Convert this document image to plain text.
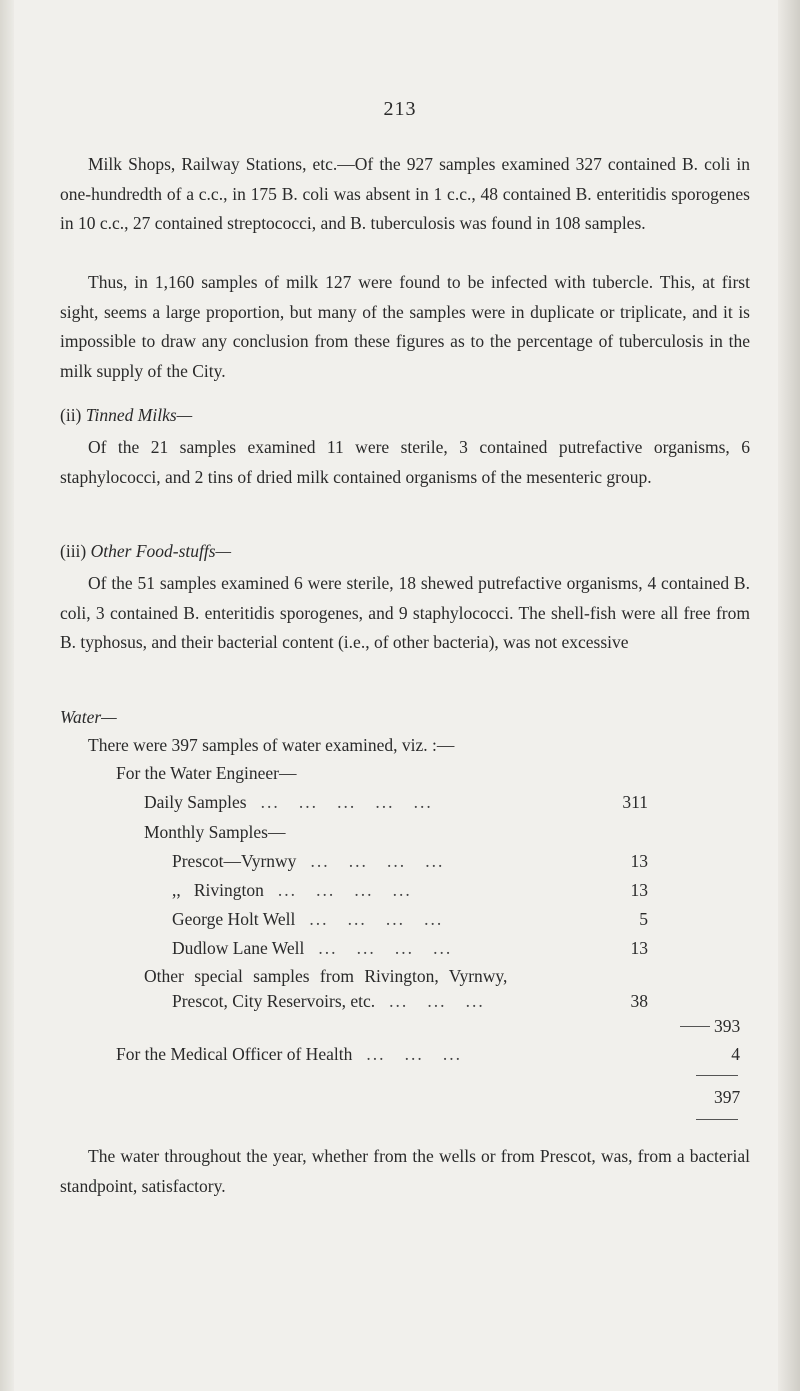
213

Milk Shops, Railway Stations, etc.—Of the 927 samples examined 327 contained B. coli in one-hundredth of a c.c., in 175 B. coli was absent in 1 c.c., 48 contained B. enteritidis sporogenes in 10 c.c., 27 contained streptococci, and B. tuberculosis was found in 108 samples.

Thus, in 1,160 samples of milk 127 were found to be infected with tubercle. This, at first sight, seems a large proportion, but many of the samples were in duplicate or triplicate, and it is impossible to draw any conclusion from these figures as to the percentage of tuberculosis in the milk supply of the City.

(ii) Tinned Milks—

Of the 21 samples examined 11 were sterile, 3 contained putrefactive organisms, 6 staphylococci, and 2 tins of dried milk contained organisms of the mesenteric group.

(iii) Other Food-stuffs—

Of the 51 samples examined 6 were sterile, 18 shewed putrefactive organisms, 4 contained B. coli, 3 contained B. enteritidis sporogenes, and 9 staphylococci. The shell-fish were all free from B. typhosus, and their bacterial content (i.e., of other bacteria), was not excessive

Water—
There were 397 samples of water examined, viz. :—
For the Water Engineer—
Daily Samples ...   ...   ...   ...   ...	311
Monthly Samples—
Prescot—Vyrnwy ...   ...   ...   ...	13
,,   Rivington ...   ...   ...   ...	13
George Holt Well ...   ...   ...   ...	5
Dudlow Lane Well ...   ...   ...   ...	13
Other special samples from Rivington, Vyrnwy,
Prescot, City Reservoirs, etc. ...   ...   ...	38
393
For the Medical Officer of Health ...   ...   ...	4
397

The water throughout the year, whether from the wells or from Prescot, was, from a bacterial standpoint, satisfactory.
